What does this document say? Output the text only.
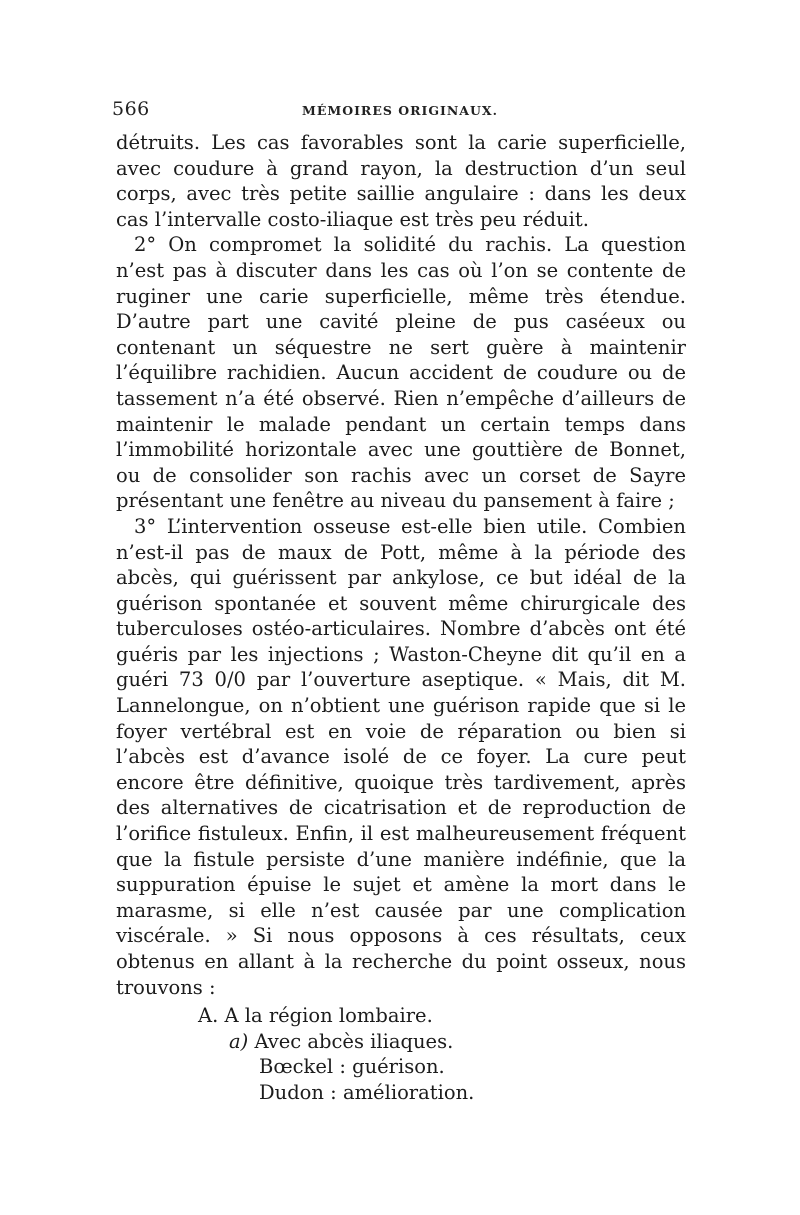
566	MÉMOIRES ORIGINAUX.

détruits. Les cas favorables sont la carie superficielle, avec coudure à grand rayon, la destruction d’un seul corps, avec très petite saillie angulaire : dans les deux cas l’intervalle costo-iliaque est très peu réduit.

2° On compromet la solidité du rachis. La question n’est pas à discuter dans les cas où l’on se contente de ruginer une carie superficielle, même très étendue. D’autre part une cavité pleine de pus caséeux ou contenant un séquestre ne sert guère à maintenir l’équilibre rachidien. Aucun accident de coudure ou de tassement n’a été observé. Rien n’empêche d’ailleurs de maintenir le malade pendant un certain temps dans l’immobilité horizontale avec une gouttière de Bonnet, ou de consolider son rachis avec un corset de Sayre présentant une fenêtre au niveau du pansement à faire ;

3° L’intervention osseuse est-elle bien utile. Combien n’est-il pas de maux de Pott, même à la période des abcès, qui guérissent par ankylose, ce but idéal de la guérison spontanée et souvent même chirurgicale des tuberculoses ostéo-articulaires. Nombre d’abcès ont été guéris par les injections ; Waston-Cheyne dit qu’il en a guéri 73 0/0 par l’ouverture aseptique. « Mais, dit M. Lannelongue, on n’obtient une guérison rapide que si le foyer vertébral est en voie de réparation ou bien si l’abcès est d’avance isolé de ce foyer. La cure peut encore être définitive, quoique très tardivement, après des alternatives de cicatrisation et de reproduction de l’orifice fistuleux. Enfin, il est malheureusement fréquent que la fistule persiste d’une manière indéfinie, que la suppuration épuise le sujet et amène la mort dans le marasme, si elle n’est causée par une complication viscérale. » Si nous opposons à ces résultats, ceux obtenus en allant à la recherche du point osseux, nous trouvons :

A. A la région lombaire.
a) Avec abcès iliaques.
Bœckel : guérison.
Dudon : amélioration.
